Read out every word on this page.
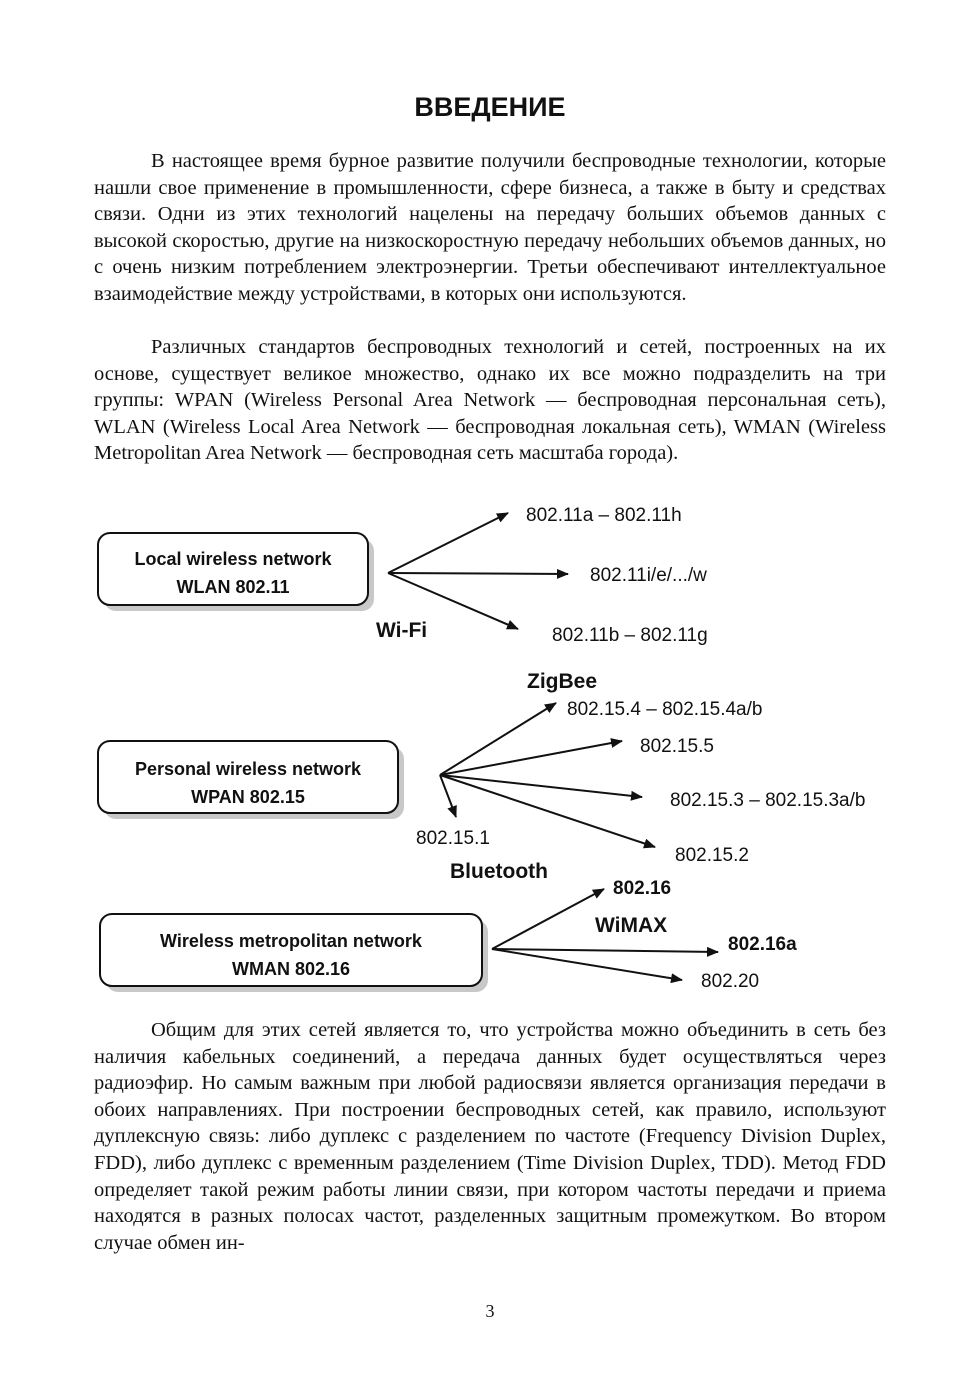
ВВЕДЕНИЕ

В настоящее время бурное развитие получили беспроводные технологии, которые нашли свое применение в промышленности, сфере бизнеса, а также в быту и средствах связи. Одни из этих технологий нацелены на передачу больших объемов данных с высокой скоростью, другие на низкоскоростную передачу небольших объемов данных, но с очень низким потреблением электроэнергии. Третьи обеспечивают интеллектуальное взаимодействие между устройствами, в которых они используются.

Различных стандартов беспроводных технологий и сетей, построенных на их основе, существует великое множество, однако их все можно подразделить на три группы: WPAN (Wireless Personal Area Network — беспроводная персональная сеть), WLAN (Wireless Local Area Network — беспроводная локальная сеть), WMAN (Wireless Metropolitan Area Network — беспроводная сеть масштаба города).

Local wireless network
WLAN 802.11
802.11a – 802.11h
802.11i/e/.../w
802.11b – 802.11g
Wi-Fi
ZigBee
Personal wireless network
WPAN 802.15
802.15.4 – 802.15.4a/b
802.15.5
802.15.3 – 802.15.3a/b
802.15.2
802.15.1
Bluetooth
Wireless metropolitan network
WMAN 802.16
802.16
802.16a
802.20
WiMAX

Общим для этих сетей является то, что устройства можно объединить в сеть без наличия кабельных соединений, а передача данных будет осуществляться через радиоэфир. Но самым важным при любой радиосвязи является организация передачи в обоих направлениях. При построении беспроводных сетей, как правило, используют дуплексную связь: либо дуплекс с разделением по частоте (Frequency Division Duplex, FDD), либо дуплекс с временным разделением (Time Division Duplex, TDD). Метод FDD определяет такой режим работы линии связи, при котором частоты передачи и приема находятся в разных полосах частот, разделенных защитным промежутком. Во втором случае обмен ин-

3
